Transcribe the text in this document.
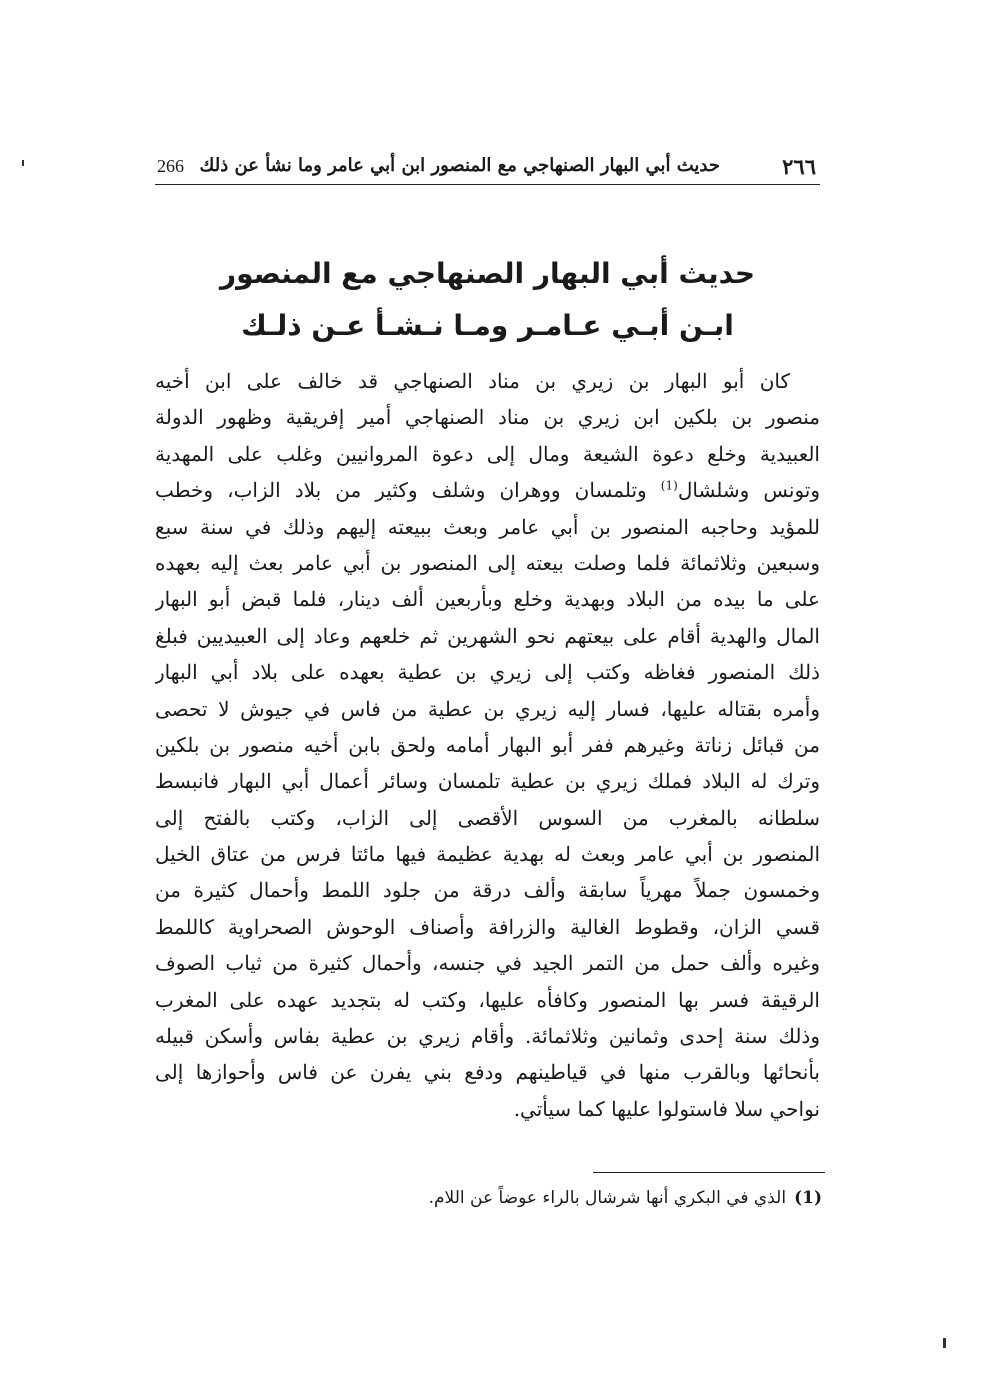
٢٦٦
حديث أبي البهار الصنهاجي مع المنصور ابن أبي عامر وما نشأ عن ذلك
266
حديث أبي البهار الصنهاجي مع المنصور
ابـن أبـي عـامـر ومـا نـشـأ عـن ذلـك
كان أبو البهار بن زيري بن مناد الصنهاجي قد خالف على ابن أخيه
منصور بن بلكين ابن زيري بن مناد الصنهاجي أمير إفريقية وظهور الدولة
العبيدية وخلع دعوة الشيعة ومال إلى دعوة المروانيين وغلب على المهدية
وتونس وشلشال$^{(1)}$ وتلمسان ووهران وشلف وكثير من بلاد الزاب، وخطب
للمؤيد وحاجبه المنصور بن أبي عامر وبعث ببيعته إليهم وذلك في سنة سبع
وسبعين وثلاثمائة فلما وصلت بيعته إلى المنصور بن أبي عامر بعث إليه بعهده
على ما بيده من البلاد وبهدية وخلع وبأربعين ألف دينار، فلما قبض أبو البهار
المال والهدية أقام على بيعتهم نحو الشهرين ثم خلعهم وعاد إلى العبيديين فبلغ
ذلك المنصور فغاظه وكتب إلى زيري بن عطية بعهده على بلاد أبي البهار
وأمره بقتاله عليها، فسار إليه زيري بن عطية من فاس في جيوش لا تحصى
من قبائل زناتة وغيرهم ففر أبو البهار أمامه ولحق بابن أخيه منصور بن بلكين
وترك له البلاد فملك زيري بن عطية تلمسان وسائر أعمال أبي البهار فانبسط
سلطانه بالمغرب من السوس الأقصى إلى الزاب، وكتب بالفتح إلى
المنصور بن أبي عامر وبعث له بهدية عظيمة فيها مائتا فرس من عتاق الخيل
وخمسون جملاً مهرياً سابقة وألف درقة من جلود اللمط وأحمال كثيرة من
قسي الزان، وقطوط الغالية والزرافة وأصناف الوحوش الصحراوية كاللمط
وغيره وألف حمل من التمر الجيد في جنسه، وأحمال كثيرة من ثياب الصوف
الرقيقة فسر بها المنصور وكافأه عليها، وكتب له بتجديد عهده على المغرب
وذلك سنة إحدى وثمانين وثلاثمائة. وأقام زيري بن عطية بفاس وأسكن قبيله
بأنحائها وبالقرب منها في قياطينهم ودفع بني يفرن عن فاس وأحوازها إلى
نواحي سلا فاستولوا عليها كما سيأتي.
(1)الذي في البكري أنها شرشال بالراء عوضاً عن اللام.
